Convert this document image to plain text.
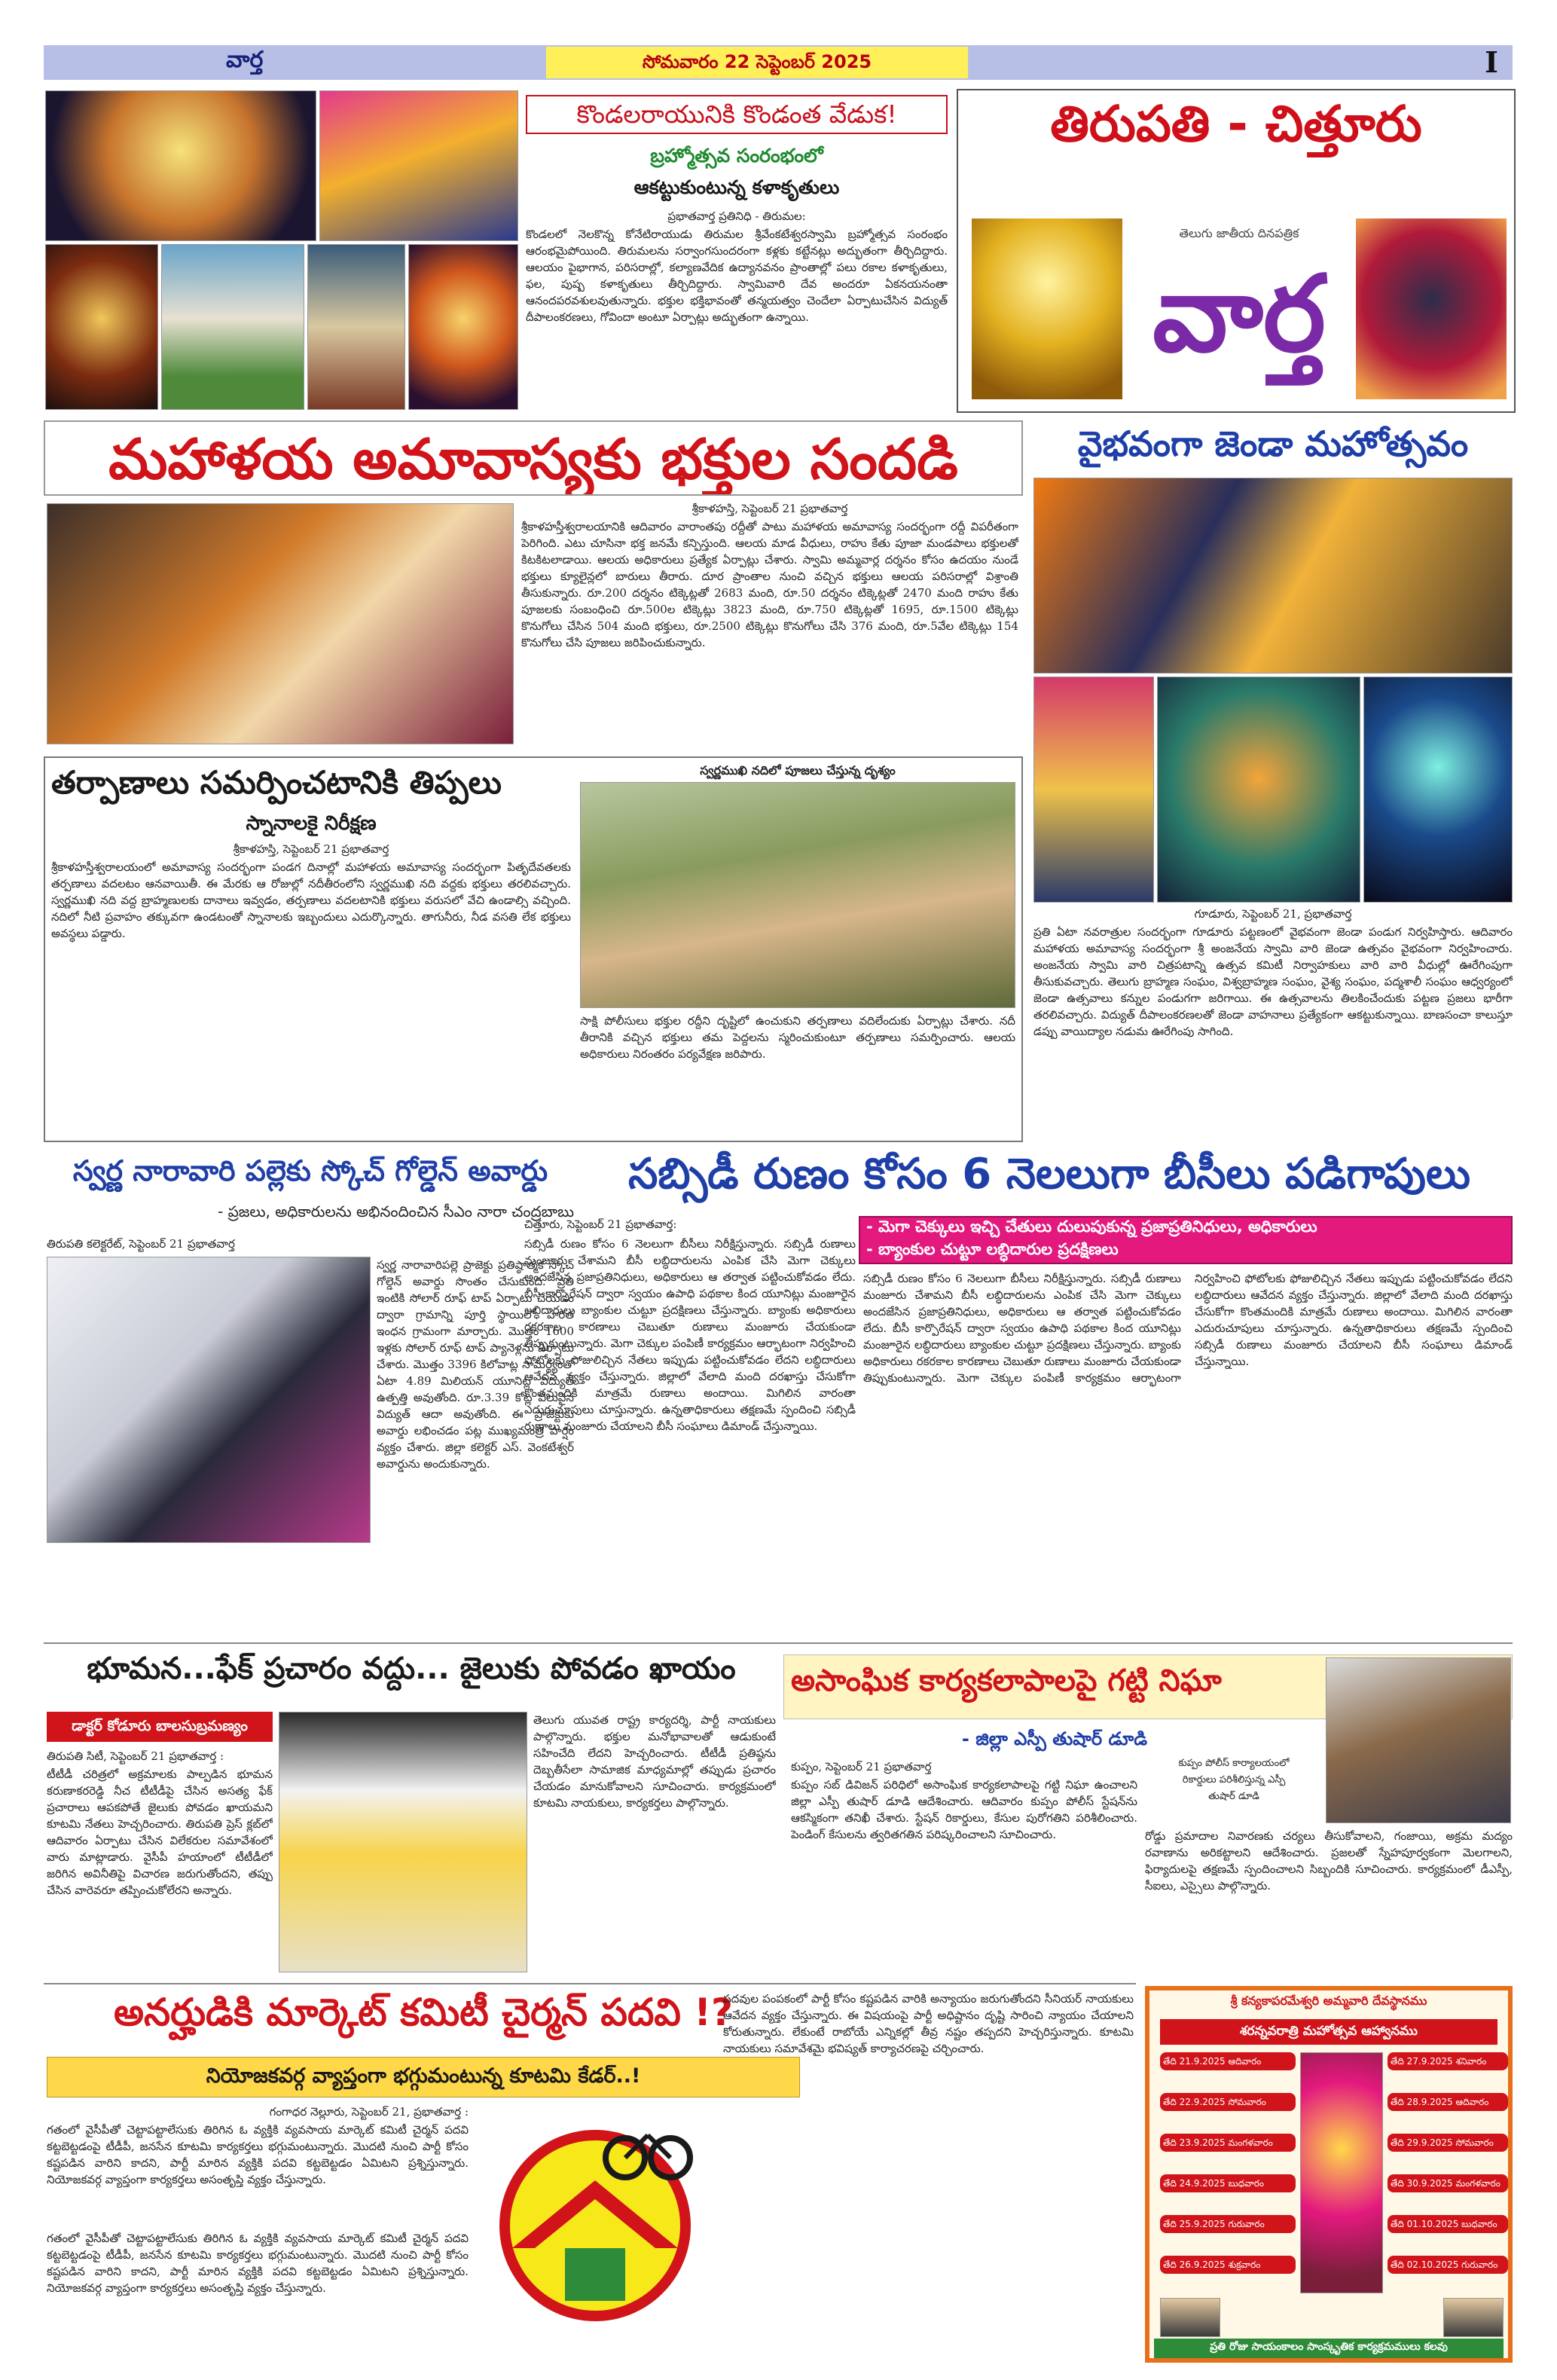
వార్త	సోమవారం 22 సెప్టెంబర్ 2025	I
కొండలరాయునికి కొండంత వేడుక!
బ్రహ్మోత్సవ సంరంభంలో
ఆకట్టుకుంటున్న కళాకృతులు
ప్రభాతవార్త ప్రతినిధి - తిరుమల:
కొండలలో నెలకొన్న కోనేటిరాయుడు తిరుమల శ్రీవేంకటేశ్వరస్వామి బ్రహ్మోత్సవ సంరంభం ఆరంభమైపోయింది. తిరుమలను సర్వాంగసుందరంగా కళ్లకు కట్టేనట్లు అద్భుతంగా తీర్చిదిద్దారు. ఆలయం పైభాగాన, పరిసరాల్లో, కల్యాణవేదిక ఉద్యానవనం ప్రాంతాల్లో పలు రకాల కళాకృతులు, ఫల, పుష్ప కళాకృతులు తీర్చిదిద్దారు. స్వామివారి దేవ అందరూ ఏకనయనంతా ఆనందపరవశులవుతున్నారు. భక్తుల భక్తిభావంతో తన్మయత్వం చెందేలా ఏర్పాటుచేసిన విద్యుత్ దీపాలంకరణలు, గోవిందా అంటూ ఏర్పాట్లు అద్భుతంగా ఉన్నాయి.
తిరుపతి - చిత్తూరు
తెలుగు జాతీయ దినపత్రిక
వార్త
మహాళయ అమావాస్యకు భక్తుల సందడి
శ్రీకాళహస్తి, సెప్టెంబర్ 21 ప్రభాతవార్త
శ్రీకాళహస్తీశ్వరాలయానికి ఆదివారం వారాంతపు రద్దీతో పాటు మహాళయ అమావాస్య సందర్భంగా రద్దీ విపరీతంగా పెరిగింది. ఎటు చూసినా భక్త జనమే కన్పిస్తుంది. ఆలయ మాడ వీధులు, రాహు కేతు పూజా మండపాలు భక్తులతో కిటకిటలాడాయి. ఆలయ అధికారులు ప్రత్యేక ఏర్పాట్లు చేశారు. స్వామి అమ్మవార్ల దర్శనం కోసం ఉదయం నుండే భక్తులు క్యూలైన్లలో బారులు తీరారు. దూర ప్రాంతాల నుంచి వచ్చిన భక్తులు ఆలయ పరిసరాల్లో విశ్రాంతి తీసుకున్నారు. రూ.200 దర్శనం టిక్కెట్లతో 2683 మంది, రూ.50 దర్శనం టిక్కెట్లతో 2470 మంది రాహు కేతు పూజలకు సంబంధించి రూ.500ల టిక్కెట్లు 3823 మంది, రూ.750 టిక్కెట్లతో 1695, రూ.1500 టిక్కెట్లు కొనుగోలు చేసిన 504 మంది భక్తులు, రూ.2500 టిక్కెట్లు కొనుగోలు చేసి 376 మంది, రూ.5వేల టిక్కెట్లు 154 కొనుగోలు చేసి పూజలు జరిపించుకున్నారు.
తర్పాణాలు సమర్పించటానికి తిప్పలు
స్నానాలకై నిరీక్షణ
శ్రీకాళహస్తి, సెప్టెంబర్ 21 ప్రభాతవార్త
శ్రీకాళహస్తీశ్వరాలయంలో అమావాస్య సందర్భంగా పండగ దినాల్లో మహాళయ అమావాస్య సందర్భంగా పితృదేవతలకు తర్పణాలు వదలటం ఆనవాయితీ. ఈ మేరకు ఆ రోజుల్లో నదీతీరంలోని స్వర్ణముఖి నది వద్దకు భక్తులు తరలివచ్చారు. స్వర్ణముఖి నది వద్ద బ్రాహ్మణులకు దానాలు ఇవ్వడం, తర్పణాలు వదలటానికి భక్తులు వరుసలో వేచి ఉండాల్సి వచ్చింది. నదిలో నీటి ప్రవాహం తక్కువగా ఉండటంతో స్నానాలకు ఇబ్బందులు ఎదుర్కొన్నారు. తాగునీరు, నీడ వసతి లేక భక్తులు అవస్థలు పడ్డారు.
స్వర్ణముఖి నదిలో పూజలు చేస్తున్న దృశ్యం
సాక్షి పోలీసులు భక్తుల రద్దీని దృష్టిలో ఉంచుకుని తర్పణాలు వదిలేందుకు ఏర్పాట్లు చేశారు. నదీ తీరానికి వచ్చిన భక్తులు తమ పెద్దలను స్మరించుకుంటూ తర్పణాలు సమర్పించారు. ఆలయ అధికారులు నిరంతరం పర్యవేక్షణ జరిపారు.
వైభవంగా జెండా మహోత్సవం
గూడూరు, సెప్టెంబర్ 21, ప్రభాతవార్త
ప్రతి ఏటా నవరాత్రుల సందర్భంగా గూడూరు పట్టణంలో వైభవంగా జెండా పండుగ నిర్వహిస్తారు. ఆదివారం మహాళయ అమావాస్య సందర్భంగా శ్రీ అంజనేయ స్వామి వారి జెండా ఉత్సవం వైభవంగా నిర్వహించారు. అంజనేయ స్వామి వారి చిత్రపటాన్ని ఉత్సవ కమిటీ నిర్వాహకులు వారి వారి వీధుల్లో ఊరేగింపుగా తీసుకువచ్చారు. తెలుగు బ్రాహ్మణ సంఘం, విశ్వబ్రాహ్మణ సంఘం, వైశ్య సంఘం, పద్మశాలీ సంఘం ఆధ్వర్యంలో జెండా ఉత్సవాలు కన్నుల పండుగగా జరిగాయి. ఈ ఉత్సవాలను తిలకించేందుకు పట్టణ ప్రజలు భారీగా తరలివచ్చారు. విద్యుత్ దీపాలంకరణలతో జెండా వాహనాలు ప్రత్యేకంగా ఆకట్టుకున్నాయి. బాణసంచా కాలుస్తూ డప్పు వాయిద్యాల నడుమ ఊరేగింపు సాగింది.
స్వర్ణ నారావారి పల్లెకు స్కోచ్ గోల్డెన్ అవార్డు
- ప్రజలు, అధికారులను అభినందించిన సీఎం నారా చంద్రబాబు
తిరుపతి కలెక్టరేట్, సెప్టెంబర్ 21 ప్రభాతవార్త
స్వర్ణ నారావారిపల్లె ప్రాజెక్టు ప్రతిష్ఠాత్మక స్కోచ్ గోల్డెన్ అవార్డు సొంతం చేసుకుంది. ప్రతి ఇంటికి సోలార్ రూఫ్ టాప్ ఏర్పాటు చేయడం ద్వారా గ్రామాన్ని పూర్తి స్థాయిలో హరిత ఇంధన గ్రామంగా మార్చారు. మొత్తం 1600 ఇళ్లకు సోలార్ రూఫ్ టాప్ ప్యానెళ్లను ఏర్పాటు చేశారు. మొత్తం 3396 కిలోవాట్ల సామర్థ్యంతో ఏటా 4.89 మిలియన్ యూనిట్ల విద్యుత్ ఉత్పత్తి అవుతోంది. రూ.3.39 కోట్ల విలువైన విద్యుత్ ఆదా అవుతోంది. ఈ ప్రాజెక్టుకు అవార్డు లభించడం పట్ల ముఖ్యమంత్రి హర్షం వ్యక్తం చేశారు. జిల్లా కలెక్టర్ ఎస్. వెంకటేశ్వర్ అవార్డును అందుకున్నారు.
సబ్సిడీ రుణం కోసం 6 నెలలుగా బీసీలు పడిగాపులు
చిత్తూరు, సెప్టెంబర్ 21 ప్రభాతవార్త:	- మెగా చెక్కులు ఇచ్చి చేతులు దులుపుకున్న ప్రజాప్రతినిధులు, అధికారులు
- బ్యాంకుల చుట్టూ లబ్ధిదారుల ప్రదక్షిణలు
సబ్సిడీ రుణం కోసం 6 నెలలుగా బీసీలు నిరీక్షిస్తున్నారు. సబ్సిడీ రుణాలు మంజూరు చేశామని బీసీ లబ్ధిదారులను ఎంపిక చేసి మెగా చెక్కులు అందజేసిన ప్రజాప్రతినిధులు, అధికారులు ఆ తర్వాత పట్టించుకోవడం లేదు. బీసీ కార్పొరేషన్ ద్వారా స్వయం ఉపాధి పథకాల కింద యూనిట్లు మంజూరైన లబ్ధిదారులు బ్యాంకుల చుట్టూ ప్రదక్షిణలు చేస్తున్నారు. బ్యాంకు అధికారులు రకరకాల కారణాలు చెబుతూ రుణాలు మంజూరు చేయకుండా తిప్పుకుంటున్నారు. మెగా చెక్కుల పంపిణీ కార్యక్రమం ఆర్భాటంగా నిర్వహించి ఫోటోలకు ఫోజులిచ్చిన నేతలు ఇప్పుడు పట్టించుకోవడం లేదని లబ్ధిదారులు ఆవేదన వ్యక్తం చేస్తున్నారు. జిల్లాలో వేలాది మంది దరఖాస్తు చేసుకోగా కొంతమందికి మాత్రమే రుణాలు అందాయి. మిగిలిన వారంతా ఎదురుచూపులు చూస్తున్నారు. ఉన్నతాధికారులు తక్షణమే స్పందించి సబ్సిడీ రుణాలు మంజూరు చేయాలని బీసీ సంఘాలు డిమాండ్ చేస్తున్నాయి.
సబ్సిడీ రుణం కోసం 6 నెలలుగా బీసీలు నిరీక్షిస్తున్నారు. సబ్సిడీ రుణాలు మంజూరు చేశామని బీసీ లబ్ధిదారులను ఎంపిక చేసి మెగా చెక్కులు అందజేసిన ప్రజాప్రతినిధులు, అధికారులు ఆ తర్వాత పట్టించుకోవడం లేదు. బీసీ కార్పొరేషన్ ద్వారా స్వయం ఉపాధి పథకాల కింద యూనిట్లు మంజూరైన లబ్ధిదారులు బ్యాంకుల చుట్టూ ప్రదక్షిణలు చేస్తున్నారు. బ్యాంకు అధికారులు రకరకాల కారణాలు చెబుతూ రుణాలు మంజూరు చేయకుండా తిప్పుకుంటున్నారు. మెగా చెక్కుల పంపిణీ కార్యక్రమం ఆర్భాటంగా నిర్వహించి ఫోటోలకు ఫోజులిచ్చిన నేతలు ఇప్పుడు పట్టించుకోవడం లేదని లబ్ధిదారులు ఆవేదన వ్యక్తం చేస్తున్నారు. జిల్లాలో వేలాది మంది దరఖాస్తు చేసుకోగా కొంతమందికి మాత్రమే రుణాలు అందాయి. మిగిలిన వారంతా ఎదురుచూపులు చూస్తున్నారు. ఉన్నతాధికారులు తక్షణమే స్పందించి సబ్సిడీ రుణాలు మంజూరు చేయాలని బీసీ సంఘాలు డిమాండ్ చేస్తున్నాయి.
భూమన...ఫేక్ ప్రచారం వద్దు... జైలుకు పోవడం ఖాయం
డాక్టర్ కోడూరు బాలసుబ్రమణ్యం
తిరుపతి సిటీ, సెప్టెంబర్ 21 ప్రభాతవార్త :
టీటీడీ చరిత్రలో అక్రమాలకు పాల్పడిన భూమన కరుణాకరరెడ్డి నీచ టీటీడీపై చేసిన అసత్య ఫేక్ ప్రచారాలు ఆపకపోతే జైలుకు పోవడం ఖాయమని కూటమి నేతలు హెచ్చరించారు. తిరుపతి ప్రెస్ క్లబ్‌లో ఆదివారం ఏర్పాటు చేసిన విలేకరుల సమావేశంలో వారు మాట్లాడారు. వైసీపీ హయాంలో టీటీడీలో జరిగిన అవినీతిపై విచారణ జరుగుతోందని, తప్పు చేసిన వారెవరూ తప్పించుకోలేరని అన్నారు.
తెలుగు యువత రాష్ట్ర కార్యదర్శి, పార్టీ నాయకులు పాల్గొన్నారు. భక్తుల మనోభావాలతో ఆడుకుంటే సహించేది లేదని హెచ్చరించారు. టీటీడీ ప్రతిష్ఠను దెబ్బతీసేలా సామాజిక మాధ్యమాల్లో తప్పుడు ప్రచారం చేయడం మానుకోవాలని సూచించారు. కార్యక్రమంలో కూటమి నాయకులు, కార్యకర్తలు పాల్గొన్నారు.
అసాంఘిక కార్యకలాపాలపై గట్టి నిఘా
- జిల్లా ఎస్పీ తుషార్ డూడి
కుప్పం, సెప్టెంబర్ 21 ప్రభాతవార్త	కుప్పం పోలీస్ కార్యాలయంలో
రికార్డులు పరిశీలిస్తున్న ఎస్పీ
తుషార్ డూడి
కుప్పం సబ్ డివిజన్ పరిధిలో అసాంఘిక కార్యకలాపాలపై గట్టి నిఘా ఉంచాలని జిల్లా ఎస్పీ తుషార్ డూడి ఆదేశించారు. ఆదివారం కుప్పం పోలీస్ స్టేషన్‌ను ఆకస్మికంగా తనిఖీ చేశారు. స్టేషన్ రికార్డులు, కేసుల పురోగతిని పరిశీలించారు. పెండింగ్ కేసులను త్వరితగతిన పరిష్కరించాలని సూచించారు.	రోడ్డు ప్రమాదాల నివారణకు చర్యలు తీసుకోవాలని, గంజాయి, అక్రమ మద్యం రవాణాను అరికట్టాలని ఆదేశించారు. ప్రజలతో స్నేహపూర్వకంగా మెలగాలని, ఫిర్యాదులపై తక్షణమే స్పందించాలని సిబ్బందికి సూచించారు. కార్యక్రమంలో డీఎస్పీ, సీఐలు, ఎస్సైలు పాల్గొన్నారు.
అనర్హుడికి మార్కెట్ కమిటీ చైర్మన్ పదవి !?
నియోజకవర్గ వ్యాప్తంగా భగ్గుమంటున్న కూటమి కేడర్..!
గంగాధర నెల్లూరు, సెప్టెంబర్ 21, ప్రభాతవార్త :
గతంలో వైసీపీతో చెట్టాపట్టాలేసుకు తిరిగిన ఓ వ్యక్తికి వ్యవసాయ మార్కెట్ కమిటీ చైర్మన్ పదవి కట్టబెట్టడంపై టీడీపీ, జనసేన కూటమి కార్యకర్తలు భగ్గుమంటున్నారు. మొదటి నుంచి పార్టీ కోసం కష్టపడిన వారిని కాదని, పార్టీ మారిన వ్యక్తికి పదవి కట్టబెట్టడం ఏమిటని ప్రశ్నిస్తున్నారు. నియోజకవర్గ వ్యాప్తంగా కార్యకర్తలు అసంతృప్తి వ్యక్తం చేస్తున్నారు.
పదవుల పంపకంలో పార్టీ కోసం కష్టపడిన వారికి అన్యాయం జరుగుతోందని సీనియర్ నాయకులు ఆవేదన వ్యక్తం చేస్తున్నారు. ఈ విషయంపై పార్టీ అధిష్టానం దృష్టి సారించి న్యాయం చేయాలని కోరుతున్నారు. లేకుంటే రాబోయే ఎన్నికల్లో తీవ్ర నష్టం తప్పదని హెచ్చరిస్తున్నారు. కూటమి నాయకులు సమావేశమై భవిష్యత్ కార్యాచరణపై చర్చించారు.
గతంలో వైసీపీతో చెట్టాపట్టాలేసుకు తిరిగిన ఓ వ్యక్తికి వ్యవసాయ మార్కెట్ కమిటీ చైర్మన్ పదవి కట్టబెట్టడంపై టీడీపీ, జనసేన కూటమి కార్యకర్తలు భగ్గుమంటున్నారు. మొదటి నుంచి పార్టీ కోసం కష్టపడిన వారిని కాదని, పార్టీ మారిన వ్యక్తికి పదవి కట్టబెట్టడం ఏమిటని ప్రశ్నిస్తున్నారు. నియోజకవర్గ వ్యాప్తంగా కార్యకర్తలు అసంతృప్తి వ్యక్తం చేస్తున్నారు.
శ్రీ కన్యకాపరమేశ్వరి అమ్మవారి దేవస్థానము
శరన్నవరాత్రి మహోత్సవ ఆహ్వానము
తేది 21.9.2025 ఆదివారం
తేది 22.9.2025 సోమవారం
తేది 23.9.2025 మంగళవారం
తేది 24.9.2025 బుధవారం
తేది 25.9.2025 గురువారం
తేది 26.9.2025 శుక్రవారం
తేది 27.9.2025 శనివారం
తేది 28.9.2025 ఆదివారం
తేది 29.9.2025 సోమవారం
తేది 30.9.2025 మంగళవారం
తేది 01.10.2025 బుధవారం
తేది 02.10.2025 గురువారం
ప్రతి రోజు సాయంకాలం సాంస్కృతిక కార్యక్రమములు కలవు
